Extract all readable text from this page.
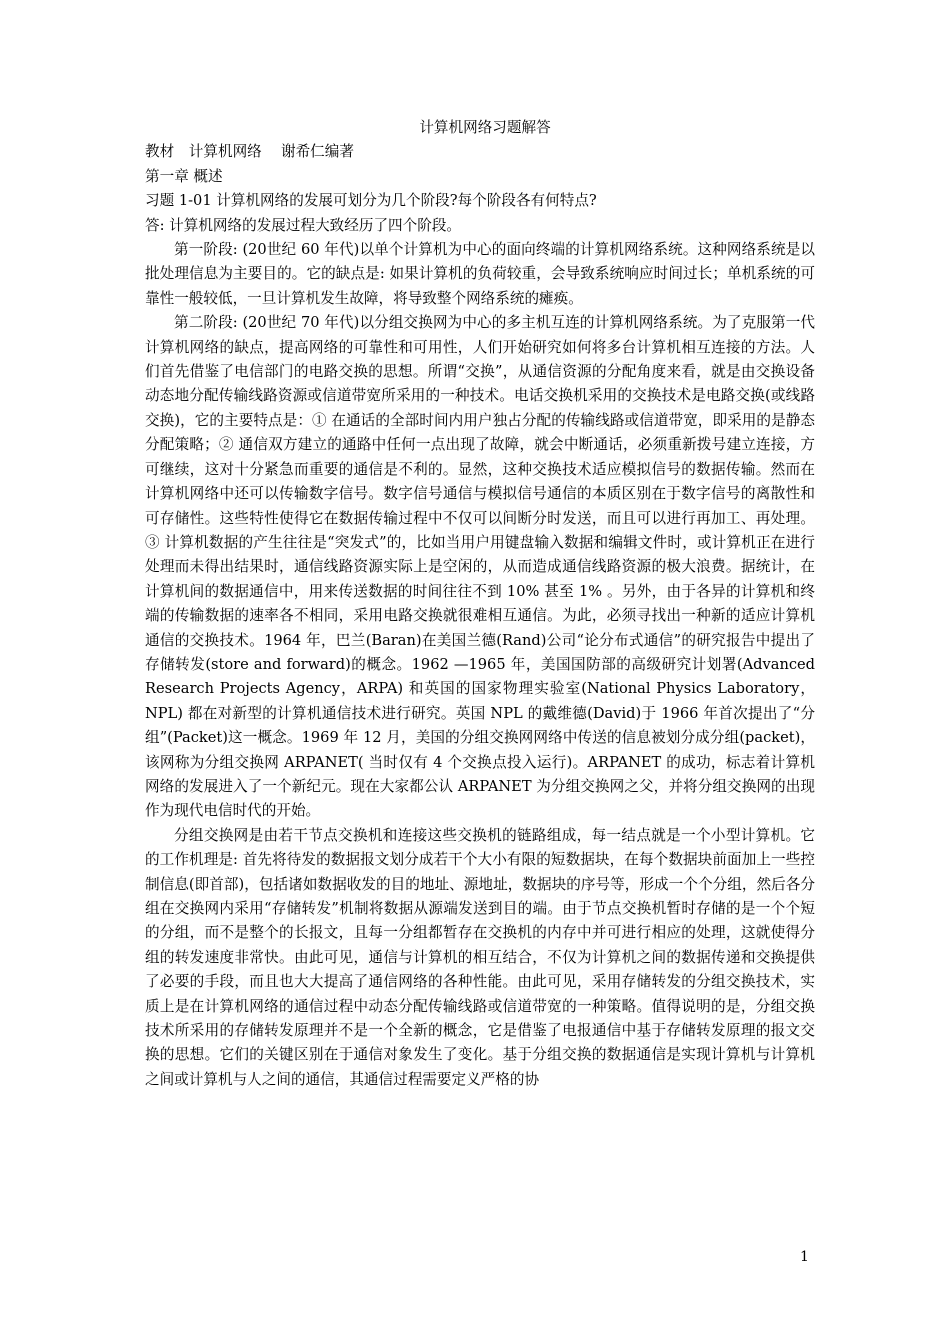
计算机网络习题解答

教材　计算机网络　 谢希仁编著

第一章 概述

习题 1-01 计算机网络的发展可划分为几个阶段?每个阶段各有何特点?

答: 计算机网络的发展过程大致经历了四个阶段。

第一阶段: (20世纪 60 年代)以单个计算机为中心的面向终端的计算机网络系统。这种网络系统是以批处理信息为主要目的。它的缺点是: 如果计算机的负荷较重，会导致系统响应时间过长；单机系统的可靠性一般较低，一旦计算机发生故障，将导致整个网络系统的瘫痪。

第二阶段: (20世纪 70 年代)以分组交换网为中心的多主机互连的计算机网络系统。为了克服第一代计算机网络的缺点，提高网络的可靠性和可用性，人们开始研究如何将多台计算机相互连接的方法。人们首先借鉴了电信部门的电路交换的思想。所谓“交换”，从通信资源的分配角度来看，就是由交换设备动态地分配传输线路资源或信道带宽所采用的一种技术。电话交换机采用的交换技术是电路交换(或线路交换)，它的主要特点是：① 在通话的全部时间内用户独占分配的传输线路或信道带宽，即采用的是静态分配策略；② 通信双方建立的通路中任何一点出现了故障，就会中断通话，必须重新拨号建立连接，方可继续，这对十分紧急而重要的通信是不利的。显然，这种交换技术适应模拟信号的数据传输。然而在计算机网络中还可以传输数字信号。数字信号通信与模拟信号通信的本质区别在于数字信号的离散性和可存储性。这些特性使得它在数据传输过程中不仅可以间断分时发送，而且可以进行再加工、再处理。 ③ 计算机数据的产生往往是“突发式”的，比如当用户用键盘输入数据和编辑文件时，或计算机正在进行处理而未得出结果时，通信线路资源实际上是空闲的，从而造成通信线路资源的极大浪费。据统计，在计算机间的数据通信中，用来传送数据的时间往往不到 10% 甚至 1% 。另外，由于各异的计算机和终端的传输数据的速率各不相同，采用电路交换就很难相互通信。为此，必须寻找出一种新的适应计算机通信的交换技术。1964 年，巴兰(Baran)在美国兰德(Rand)公司“论分布式通信”的研究报告中提出了存储转发(store and forward)的概念。1962 —1965 年，美国国防部的高级研究计划署(Advanced Research Projects Agency，ARPA) 和英国的国家物理实验室(National Physics Laboratory，NPL) 都在对新型的计算机通信技术进行研究。英国 NPL 的戴维德(David)于 1966 年首次提出了“分组”(Packet)这一概念。1969 年 12 月，美国的分组交换网网络中传送的信息被划分成分组(packet)，该网称为分组交换网 ARPANET( 当时仅有 4 个交换点投入运行)。ARPANET 的成功，标志着计算机网络的发展进入了一个新纪元。现在大家都公认 ARPANET 为分组交换网之父，并将分组交换网的出现作为现代电信时代的开始。

分组交换网是由若干节点交换机和连接这些交换机的链路组成，每一结点就是一个小型计算机。它的工作机理是: 首先将待发的数据报文划分成若干个大小有限的短数据块，在每个数据块前面加上一些控制信息(即首部)，包括诸如数据收发的目的地址、源地址，数据块的序号等，形成一个个分组，然后各分组在交换网内采用“存储转发”机制将数据从源端发送到目的端。由于节点交换机暂时存储的是一个个短的分组，而不是整个的长报文，且每一分组都暂存在交换机的内存中并可进行相应的处理，这就使得分组的转发速度非常快。由此可见，通信与计算机的相互结合，不仅为计算机之间的数据传递和交换提供了必要的手段，而且也大大提高了通信网络的各种性能。由此可见，采用存储转发的分组交换技术，实质上是在计算机网络的通信过程中动态分配传输线路或信道带宽的一种策略。值得说明的是，分组交换技术所采用的存储转发原理并不是一个全新的概念，它是借鉴了电报通信中基于存储转发原理的报文交换的思想。它们的关键区别在于通信对象发生了变化。基于分组交换的数据通信是实现计算机与计算机之间或计算机与人之间的通信，其通信过程需要定义严格的协

1
